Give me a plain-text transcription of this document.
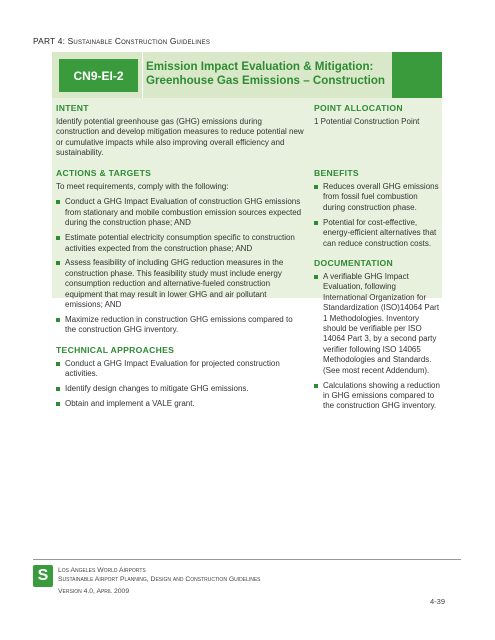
PART 4: Sustainable Construction Guidelines
CN9-EI-2
Emission Impact Evaluation & Mitigation:
Greenhouse Gas Emissions – Construction
INTENT

Identify potential greenhouse gas (GHG) emissions during construction and develop mitigation measures to reduce potential new or cumulative impacts while also improving overall efficiency and sustainability.

POINT ALLOCATION

1 Potential Construction Point

ACTIONS & TARGETS

To meet requirements, comply with the following:

Conduct a GHG Impact Evaluation of construction GHG emissions from stationary and mobile combustion emission sources expected during the construction phase; AND
Estimate potential electricity consumption specific to construction activities expected from the construction phase; AND
Assess feasibility of including GHG reduction measures in the construction phase. This feasibility study must include energy consumption reduction and alternative-fueled construction equipment that may result in lower GHG and air pollutant emissions; AND
Maximize reduction in construction GHG emissions compared to the construction GHG inventory.
TECHNICAL APPROACHES
Conduct a GHG Impact Evaluation for projected construction activities.
Identify design changes to mitigate GHG emissions.
Obtain and implement a VALE grant.
BENEFITS
Reduces overall GHG emissions from fossil fuel combustion during construction phase.
Potential for cost-effective, energy-efficient alternatives that can reduce construction costs.
DOCUMENTATION
A verifiable GHG Impact Evaluation, following International Organization for Standardization (ISO)14064 Part 1 Methodologies. Inventory should be verifiable per ISO 14064 Part 3, by a second party verifier following ISO 14065 Methodologies and Standards. (See most recent Addendum).
Calculations showing a reduction in GHG emissions compared to the construction GHG inventory.
S	Los Angeles World Airports
Sustainable Airport Planning, Design and Construction Guidelines
Version 4.0, April 2009
4-39
